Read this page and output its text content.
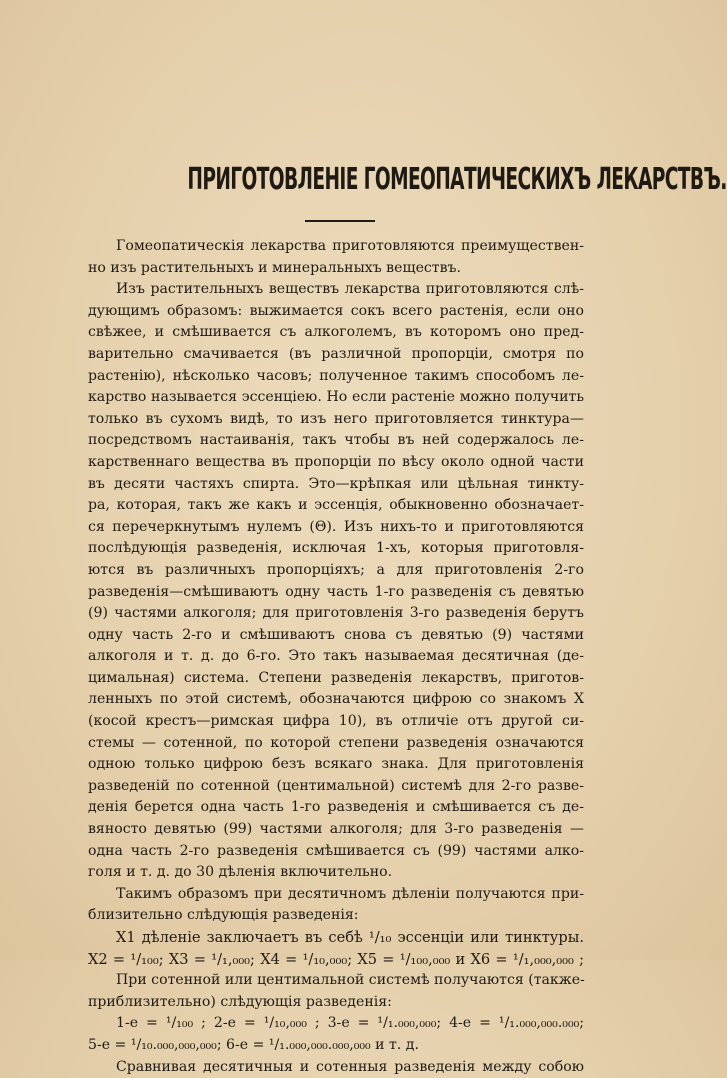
ПРИГОТОВЛЕНІЕ ГОМЕОПАТИЧЕСКИХЪ ЛЕКАРСТВЪ.
Гомеопатическія лекарства приготовляются преимуществен-
но изъ растительныхъ и минеральныхъ веществъ.
Изъ растительныхъ веществъ лекарства приготовляются слѣ-
дующимъ образомъ: выжимается сокъ всего растенія, если оно
свѣжее, и смѣшивается съ алкоголемъ, въ которомъ оно пред-
варительно смачивается (въ различной пропорціи, смотря по
растенію), нѣсколько часовъ; полученное такимъ способомъ ле-
карство называется эссенціею. Но если растеніе можно получить
только въ сухомъ видѣ, то изъ него приготовляется тинктура—
посредствомъ настаиванія, такъ чтобы въ ней содержалось ле-
карственнаго вещества въ пропорціи по вѣсу около одной части
въ десяти частяхъ спирта. Это—крѣпкая или цѣльная тинкту-
ра, которая, такъ же какъ и эссенція, обыкновенно обозначает-
ся перечеркнутымъ нулемъ (Θ). Изъ нихъ-то и приготовляются
послѣдующія разведенія, исключая 1-хъ, которыя приготовля-
ются въ различныхъ пропорціяхъ; а для приготовленія 2-го
разведенія—смѣшиваютъ одну часть 1-го разведенія съ девятью
(9) частями алкоголя; для приготовленія 3-го разведенія берутъ
одну часть 2-го и смѣшиваютъ снова съ девятью (9) частями
алкоголя и т. д. до 6-го. Это такъ называемая десятичная (де-
цимальная) система. Степени разведенія лекарствъ, приготов-
ленныхъ по этой системѣ, обозначаются цифрою со знакомъ X
(косой крестъ—римская цифра 10), въ отличіе отъ другой си-
стемы — сотенной, по которой степени разведенія означаются
одною только цифрою безъ всякаго знака. Для приготовленія
разведеній по сотенной (центимальной) системѣ для 2-го разве-
денія берется одна часть 1-го разведенія и смѣшивается съ де-
вяносто девятью (99) частями алкоголя; для 3-го разведенія —
одна часть 2-го разведенія смѣшивается съ (99) частями алко-
голя и т. д. до 30 дѣленія включительно.
Такимъ образомъ при десятичномъ дѣленіи получаются при-
близительно слѣдующія разведенія:
X1 дѣленіе заключаетъ въ себѣ ¹/₁₀ эссенціи или тинктуры.
X2 = ¹/₁₀₀; X3 = ¹/₁,₀₀₀; X4 = ¹/₁₀,₀₀₀; X5 = ¹/₁₀₀,₀₀₀ и X6 = ¹/₁,₀₀₀,₀₀₀ ;
При сотенной или центимальной системѣ получаются (также-
приблизительно) слѣдующія разведенія:
1-е = ¹/₁₀₀ ; 2-е = ¹/₁₀,₀₀₀ ; 3-е = ¹/₁.₀₀₀,₀₀₀; 4-е = ¹/₁.₀₀₀,₀₀₀.₀₀₀;
5-е = ¹/₁₀.₀₀₀,₀₀₀,₀₀₀; 6-е = ¹/₁.₀₀₀,₀₀₀.₀₀₀,₀₀₀ и т. д.
Сравнивая десятичныя и сотенныя разведенія между собою
